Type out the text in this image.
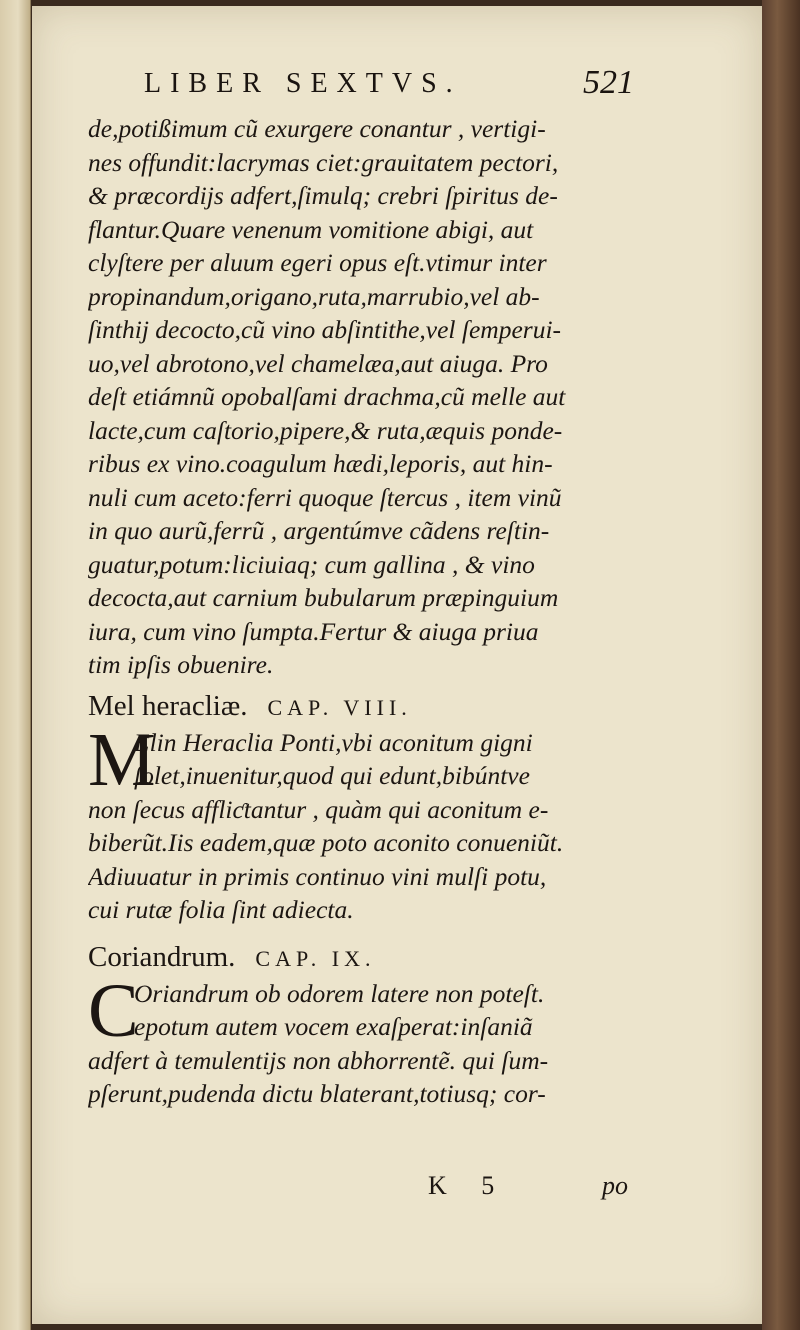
LIBER SEXTVS.	521
de,potißimum cũ exurgere conantur , vertigi-
nes offundit:lacrymas ciet:grauitatem pectori,
& præcordijs adfert,ſimulq; crebri ſpiritus de-
flantur.Quare venenum vomitione abigi, aut
clyſtere per aluum egeri opus eſt.vtimur inter
propinandum,origano,ruta,marrubio,vel ab-
ſinthij decocto,cũ vino abſintithe,vel ſemperui-
uo,vel abrotono,vel chamelæa,aut aiuga. Pro
deſt etiámnũ opobalſami drachma,cũ melle aut
lacte,cum caſtorio,pipere,& ruta,æquis ponde-
ribus ex vino.coagulum hædi,leporis, aut hin-
nuli cum aceto:ferri quoque ſtercus , item vinũ
in quo aurũ,ferrũ , argentúmve cãdens reſtin-
guatur,potum:liciuiaq; cum gallina , & vino
decocta,aut carnium bubularum præpinguium
iura, cum vino ſumpta.Fertur & aiuga priua
tim ipſis obuenire.
Mel heracliæ. CAP. VIII.
M
Elin Heraclia Ponti,vbi aconitum gigni
ſolet,inuenitur,quod qui edunt,bibúntve
non ſecus affliƈtantur , quàm qui aconitum e-
biberũt.Iis eadem,quæ poto aconito conueniũt.
Adiuuatur in primis continuo vini mulſi potu,
cui rutæ folia ſint adiecta.
Coriandrum. CAP. IX.
C
Oriandrum ob odorem latere non poteſt.
epotum autem vocem exaſperat:inſaniã
adfert à temulentijs non abhorrentẽ. qui ſum-
pſerunt,pudenda dictu blaterant,totiusq; cor-
K 5	po
